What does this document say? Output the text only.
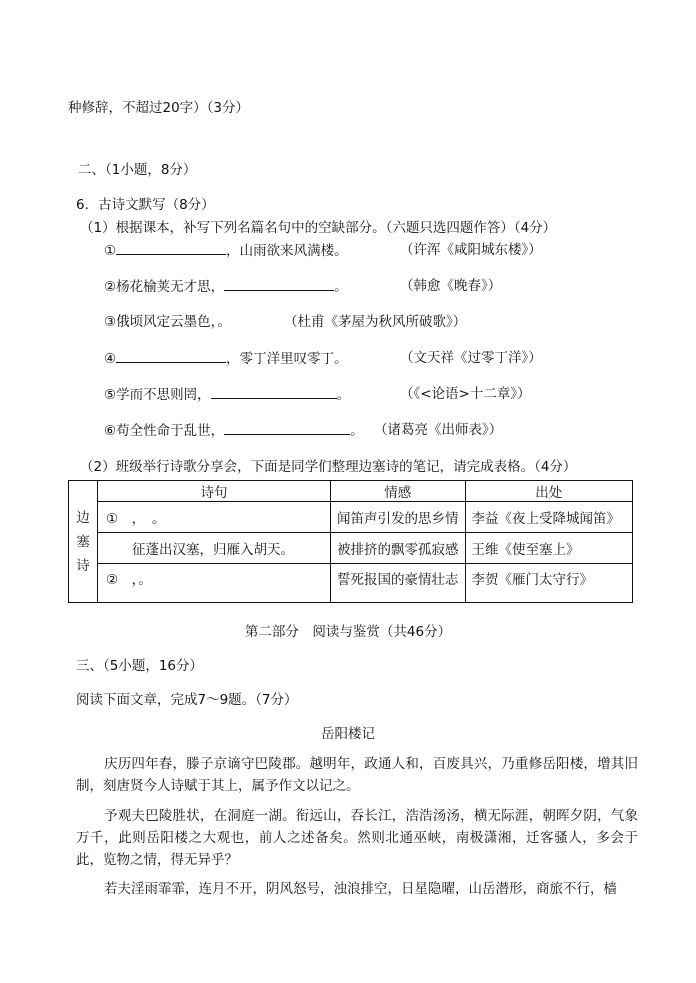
种修辞，不超过20字）（3分）
二、（1小题，8分）
6．古诗文默写（8分）
（1）根据课本，补写下列名篇名句中的空缺部分。（六题只选四题作答）（4分）
①	，山雨欲来风满楼。	（许浑《咸阳城东楼》）
②杨花榆荚无才思，	。	（韩愈《晚春》）
③俄顷风定云墨色，。	（杜甫《茅屋为秋风所破歌》）
④	，零丁洋里叹零丁。	（文天祥《过零丁洋》）
⑤学而不思则罔，	。	（《<论语>十二章》）
⑥苟全性命于乱世，	。 （诸葛亮《出师表》）
（2）班级举行诗歌分享会，下面是同学们整理边塞诗的笔记，请完成表格。（4分）
边塞诗	诗句	情感	出处
	①　，　。	闻笛声引发的思乡情	李益《夜上受降城闻笛》
	征蓬出汉塞，归雁入胡天。	被排挤的飘零孤寂感	王维《使至塞上》
	②　，。	誓死报国的豪情壮志	李贺《雁门太守行》
第二部分　阅读与鉴赏（共46分）
三、（5小题，16分）
阅读下面文章，完成7～9题。（7分）
岳阳楼记
庆历四年春，滕子京谪守巴陵郡。越明年，政通人和，百废具兴，乃重修岳阳楼，增其旧制，刻唐贤今人诗赋于其上，属予作文以记之。
予观夫巴陵胜状，在洞庭一湖。衔远山，吞长江，浩浩汤汤，横无际涯，朝晖夕阴，气象万千，此则岳阳楼之大观也，前人之述备矣。然则北通巫峡，南极潇湘，迁客骚人，多会于此，览物之情，得无异乎？
若夫淫雨霏霏，连月不开，阴风怒号，浊浪排空，日星隐曜，山岳潜形，商旅不行，樯
